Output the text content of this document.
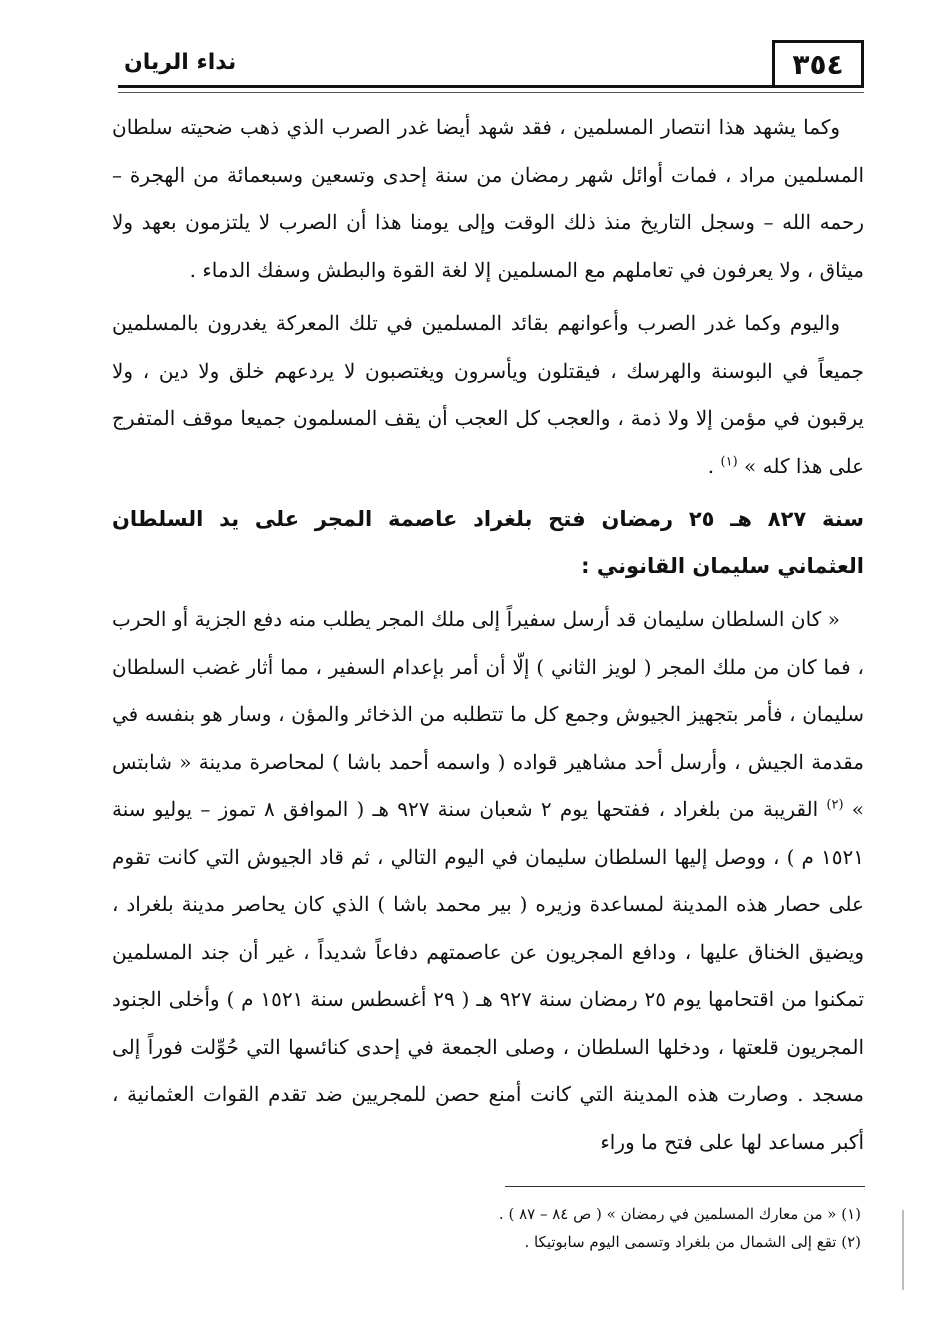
٣٥٤
نداء الريان

وكما يشهد هذا انتصار المسلمين ، فقد شهد أيضا غدر الصرب الذي ذهب ضحيته سلطان المسلمين مراد ، فمات أوائل شهر رمضان من سنة إحدى وتسعين وسبعمائة من الهجرة – رحمه الله – وسجل التاريخ منذ ذلك الوقت وإلى يومنا هذا أن الصرب لا يلتزمون بعهد ولا ميثاق ، ولا يعرفون في تعاملهم مع المسلمين إلا لغة القوة والبطش وسفك الدماء .

واليوم وكما غدر الصرب وأعوانهم بقائد المسلمين في تلك المعركة يغدرون بالمسلمين جميعاً في البوسنة والهرسك ، فيقتلون ويأسرون ويغتصبون لا يردعهم خلق ولا دين ، ولا يرقبون في مؤمن إلا ولا ذمة ، والعجب كل العجب أن يقف المسلمون جميعا موقف المتفرج على هذا كله » $^{(١)}$ .

سنة ٨٢٧ هـ ٢٥ رمضان فتح بلغراد عاصمة المجر على يد السلطان العثماني سليمان القانوني :

« كان السلطان سليمان قد أرسل سفيراً إلى ملك المجر يطلب منه دفع الجزية أو الحرب ، فما كان من ملك المجر ( لويز الثاني ) إلّا أن أمر بإعدام السفير ، مما أثار غضب السلطان سليمان ، فأمر بتجهيز الجيوش وجمع كل ما تتطلبه من الذخائر والمؤن ، وسار هو بنفسه في مقدمة الجيش ، وأرسل أحد مشاهير قواده ( واسمه أحمد باشا ) لمحاصرة مدينة « شابتس » $^{(٢)}$ القريبة من بلغراد ، ففتحها يوم ٢ شعبان سنة ٩٢٧ هـ ( الموافق ٨ تموز – يوليو سنة ١٥٢١ م ) ، ووصل إليها السلطان سليمان في اليوم التالي ، ثم قاد الجيوش التي كانت تقوم على حصار هذه المدينة لمساعدة وزيره ( بير محمد باشا ) الذي كان يحاصر مدينة بلغراد ، ويضيق الخناق عليها ، ودافع المجريون عن عاصمتهم دفاعاً شديداً ، غير أن جند المسلمين تمكنوا من اقتحامها يوم ٢٥ رمضان سنة ٩٢٧ هـ ( ٢٩ أغسطس سنة ١٥٢١ م ) وأخلى الجنود المجريون قلعتها ، ودخلها السلطان ، وصلى الجمعة في إحدى كنائسها التي حُوِّلت فوراً إلى مسجد . وصارت هذه المدينة التي كانت أمنع حصن للمجريين ضد تقدم القوات العثمانية ، أكبر مساعد لها على فتح ما وراء

(١) « من معارك المسلمين في رمضان » ( ص ٨٤ – ٨٧ ) .

(٢) تقع إلى الشمال من بلغراد وتسمى اليوم سابوتيكا .
